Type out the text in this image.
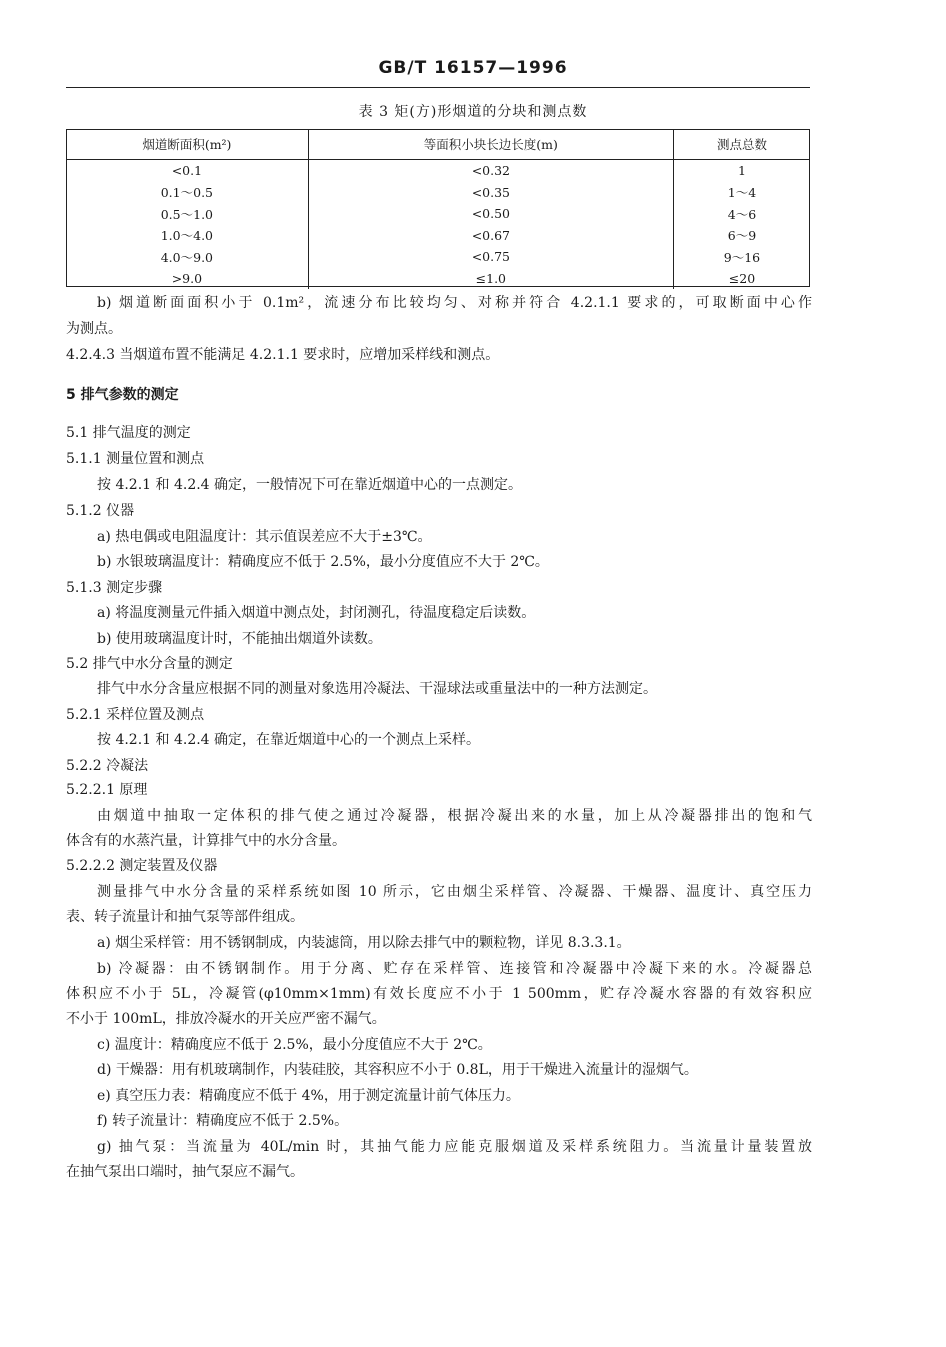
GB/T 16157—1996
表 3 矩(方)形烟道的分块和测点数
烟道断面积(m²)	等面积小块长边长度(m)	测点总数
<0.1	<0.32	1
0.1～0.5	<0.35	1～4
0.5～1.0	<0.50	4～6
1.0～4.0	<0.67	6～9
4.0～9.0	<0.75	9～16
>9.0	≤1.0	≤20
b) 烟道断面面积小于 0.1m²，流速分布比较均匀、对称并符合 4.2.1.1 要求的，可取断面中心作
为测点。
4.2.4.3 当烟道布置不能满足 4.2.1.1 要求时，应增加采样线和测点。
5 排气参数的测定
5.1 排气温度的测定
5.1.1 测量位置和测点
按 4.2.1 和 4.2.4 确定，一般情况下可在靠近烟道中心的一点测定。
5.1.2 仪器
a) 热电偶或电阻温度计：其示值误差应不大于±3℃。
b) 水银玻璃温度计：精确度应不低于 2.5%，最小分度值应不大于 2℃。
5.1.3 测定步骤
a) 将温度测量元件插入烟道中测点处，封闭测孔，待温度稳定后读数。
b) 使用玻璃温度计时，不能抽出烟道外读数。
5.2 排气中水分含量的测定
排气中水分含量应根据不同的测量对象选用冷凝法、干湿球法或重量法中的一种方法测定。
5.2.1 采样位置及测点
按 4.2.1 和 4.2.4 确定，在靠近烟道中心的一个测点上采样。
5.2.2 冷凝法
5.2.2.1 原理
由烟道中抽取一定体积的排气使之通过冷凝器，根据冷凝出来的水量，加上从冷凝器排出的饱和气
体含有的水蒸汽量，计算排气中的水分含量。
5.2.2.2 测定装置及仪器
测量排气中水分含量的采样系统如图 10 所示，它由烟尘采样管、冷凝器、干燥器、温度计、真空压力
表、转子流量计和抽气泵等部件组成。
a) 烟尘采样管：用不锈钢制成，内装滤筒，用以除去排气中的颗粒物，详见 8.3.3.1。
b) 冷凝器：由不锈钢制作。用于分离、贮存在采样管、连接管和冷凝器中冷凝下来的水。冷凝器总
体积应不小于 5L，冷凝管(φ10mm×1mm)有效长度应不小于 1 500mm，贮存冷凝水容器的有效容积应
不小于 100mL，排放冷凝水的开关应严密不漏气。
c) 温度计：精确度应不低于 2.5%，最小分度值应不大于 2℃。
d) 干燥器：用有机玻璃制作，内装硅胶，其容积应不小于 0.8L，用于干燥进入流量计的湿烟气。
e) 真空压力表：精确度应不低于 4%，用于测定流量计前气体压力。
f) 转子流量计：精确度应不低于 2.5%。
g) 抽气泵：当流量为 40L/min 时，其抽气能力应能克服烟道及采样系统阻力。当流量计量装置放
在抽气泵出口端时，抽气泵应不漏气。
